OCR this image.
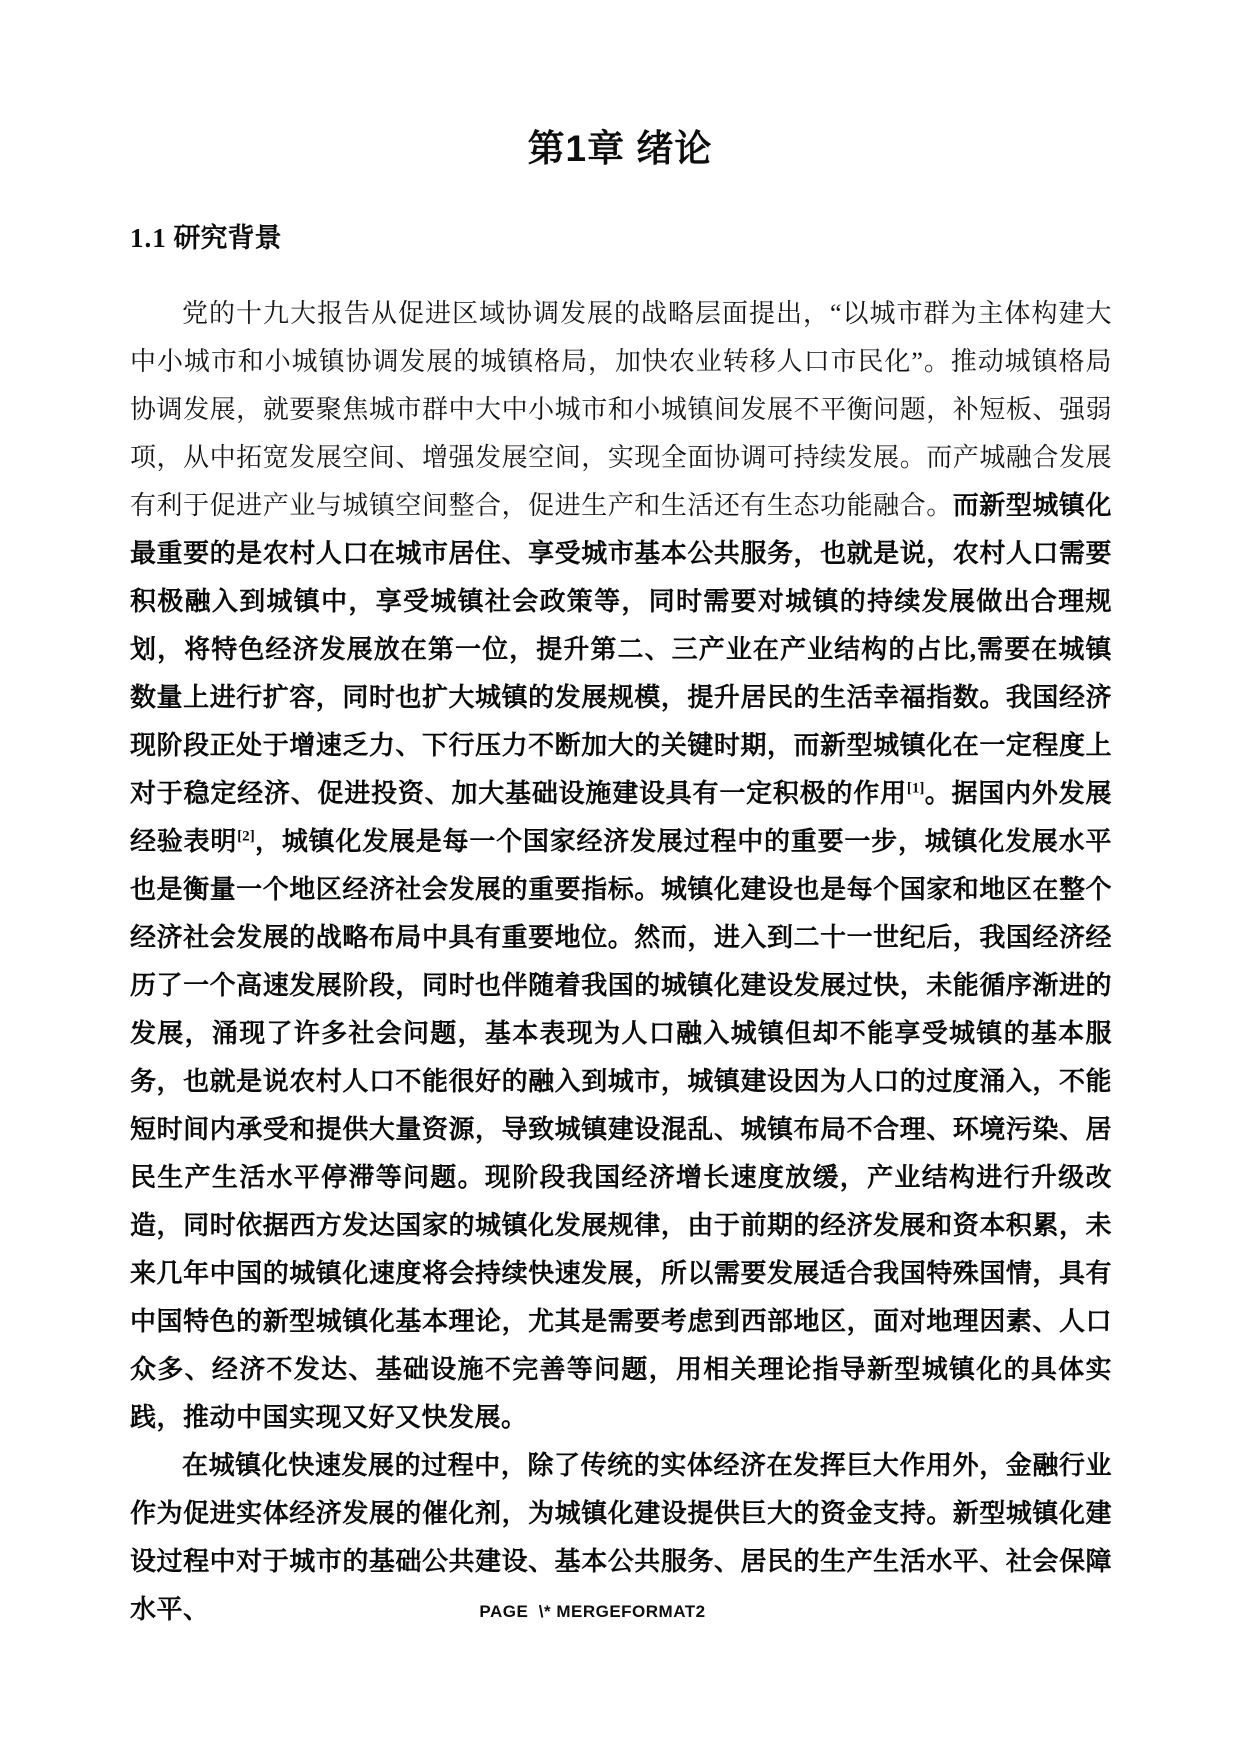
第1章 绪论
1.1 研究背景

党的十九大报告从促进区域协调发展的战略层面提出，“以城市群为主体构建大中小城市和小城镇协调发展的城镇格局，加快农业转移人口市民化”。推动城镇格局协调发展，就要聚焦城市群中大中小城市和小城镇间发展不平衡问题，补短板、强弱项，从中拓宽发展空间、增强发展空间，实现全面协调可持续发展。而产城融合发展有利于促进产业与城镇空间整合，促进生产和生活还有生态功能融合。而新型城镇化最重要的是农村人口在城市居住、享受城市基本公共服务，也就是说，农村人口需要积极融入到城镇中，享受城镇社会政策等，同时需要对城镇的持续发展做出合理规划，将特色经济发展放在第一位，提升第二、三产业在产业结构的占比,需要在城镇数量上进行扩容，同时也扩大城镇的发展规模，提升居民的生活幸福指数。我国经济现阶段正处于增速乏力、下行压力不断加大的关键时期，而新型城镇化在一定程度上对于稳定经济、促进投资、加大基础设施建设具有一定积极的作用[1]。据国内外发展经验表明[2]，城镇化发展是每一个国家经济发展过程中的重要一步，城镇化发展水平也是衡量一个地区经济社会发展的重要指标。城镇化建设也是每个国家和地区在整个经济社会发展的战略布局中具有重要地位。然而，进入到二十一世纪后，我国经济经历了一个高速发展阶段，同时也伴随着我国的城镇化建设发展过快，未能循序渐进的发展，涌现了许多社会问题，基本表现为人口融入城镇但却不能享受城镇的基本服务，也就是说农村人口不能很好的融入到城市，城镇建设因为人口的过度涌入，不能短时间内承受和提供大量资源，导致城镇建设混乱、城镇布局不合理、环境污染、居民生产生活水平停滞等问题。现阶段我国经济增长速度放缓，产业结构进行升级改造，同时依据西方发达国家的城镇化发展规律，由于前期的经济发展和资本积累，未来几年中国的城镇化速度将会持续快速发展，所以需要发展适合我国特殊国情，具有中国特色的新型城镇化基本理论，尤其是需要考虑到西部地区，面对地理因素、人口众多、经济不发达、基础设施不完善等问题，用相关理论指导新型城镇化的具体实践，推动中国实现又好又快发展。

在城镇化快速发展的过程中，除了传统的实体经济在发挥巨大作用外，金融行业作为促进实体经济发展的催化剂，为城镇化建设提供巨大的资金支持。新型城镇化建设过程中对于城市的基础公共建设、基本公共服务、居民的生产生活水平、社会保障水平、	PAGE  \* MERGEFORMAT2
